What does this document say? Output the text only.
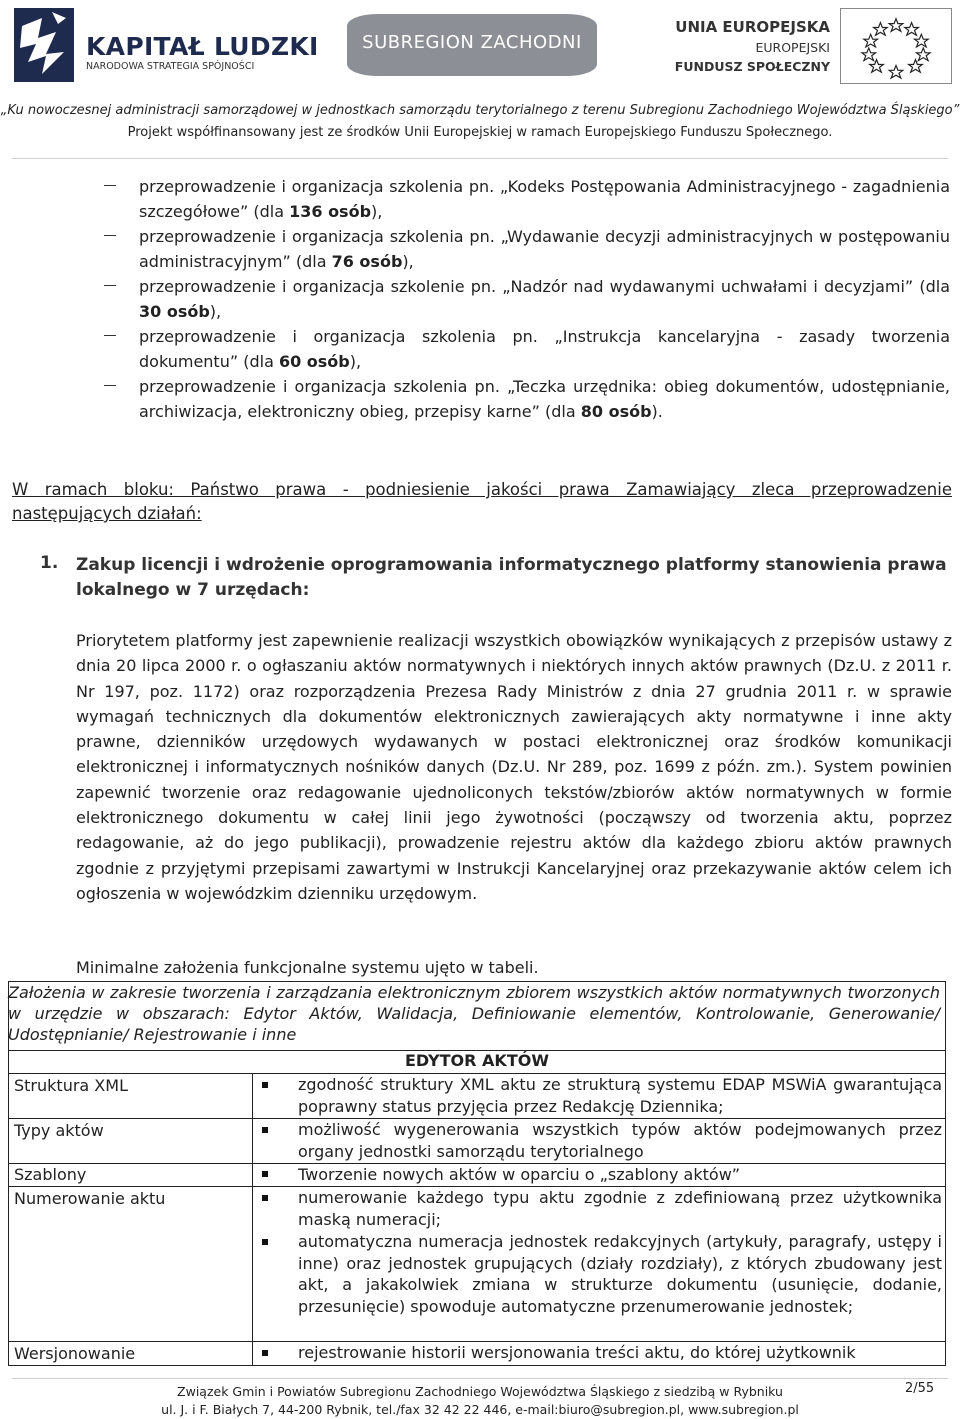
KAPITAŁ LUDZKI
NARODOWA STRATEGIA SPÓJNOŚCI
SUBREGION ZACHODNI
UNIA EUROPEJSKA
EUROPEJSKI
FUNDUSZ SPOŁECZNY
„Ku nowoczesnej administracji samorządowej w jednostkach samorządu terytorialnego z terenu Subregionu Zachodniego Województwa Śląskiego”
Projekt współfinansowany jest ze środków Unii Europejskiej w ramach Europejskiego Funduszu Społecznego.
przeprowadzenie i organizacja szkolenia pn. „Kodeks Postępowania Administracyjnego - zagadnienia szczegółowe” (dla 136 osób),
przeprowadzenie i organizacja szkolenia pn. „Wydawanie decyzji administracyjnych w postępowaniu administracyjnym” (dla 76 osób),
przeprowadzenie i organizacja szkolenie pn. „Nadzór nad wydawanymi uchwałami i decyzjami” (dla 30 osób),
przeprowadzenie i organizacja szkolenia pn. „Instrukcja kancelaryjna - zasady tworzenia dokumentu” (dla 60 osób),
przeprowadzenie i organizacja szkolenia pn. „Teczka urzędnika: obieg dokumentów, udostępnianie, archiwizacja, elektroniczny obieg, przepisy karne” (dla 80 osób).
W ramach bloku: Państwo prawa - podniesienie jakości prawa Zamawiający zleca przeprowadzenie następujących działań:
1. Zakup licencji i wdrożenie oprogramowania informatycznego platformy stanowienia prawa lokalnego w 7 urzędach:
Priorytetem platformy jest zapewnienie realizacji wszystkich obowiązków wynikających z przepisów ustawy z dnia 20 lipca 2000 r. o ogłaszaniu aktów normatywnych i niektórych innych aktów prawnych (Dz.U. z 2011 r. Nr 197, poz. 1172) oraz rozporządzenia Prezesa Rady Ministrów z dnia 27 grudnia 2011 r. w sprawie wymagań technicznych dla dokumentów elektronicznych zawierających akty normatywne i inne akty prawne, dzienników urzędowych wydawanych w postaci elektronicznej oraz środków komunikacji elektronicznej i informatycznych nośników danych (Dz.U. Nr 289, poz. 1699 z późn. zm.). System powinien zapewnić tworzenie oraz redagowanie ujednoliconych tekstów/zbiorów aktów normatywnych w formie elektronicznego dokumentu w całej linii jego żywotności (począwszy od tworzenia aktu, poprzez redagowanie, aż do jego publikacji), prowadzenie rejestru aktów dla każdego zbioru aktów prawnych zgodnie z przyjętymi przepisami zawartymi w Instrukcji Kancelaryjnej oraz przekazywanie aktów celem ich ogłoszenia w wojewódzkim dzienniku urzędowym.
Minimalne założenia funkcjonalne systemu ujęto w tabeli.
Założenia w zakresie tworzenia i zarządzania elektronicznym zbiorem wszystkich aktów normatywnych tworzonych w urzędzie w obszarach: Edytor Aktów, Walidacja, Definiowanie elementów, Kontrolowanie, Generowanie/ Udostępnianie/ Rejestrowanie i inne
EDYTOR AKTÓW
Struktura XML	zgodność struktury XML aktu ze strukturą systemu EDAP MSWiA gwarantująca poprawny status przyjęcia przez Redakcję Dziennika;
Typy aktów	możliwość wygenerowania wszystkich typów aktów podejmowanych przez organy jednostki samorządu terytorialnego
Szablony	Tworzenie nowych aktów w oparciu o „szablony aktów”
Numerowanie aktu	numerowanie każdego typu aktu zgodnie z zdefiniowaną przez użytkownika maską numeracji;
automatyczna numeracja jednostek redakcyjnych (artykuły, paragrafy, ustępy i inne) oraz jednostek grupujących (działy rozdziały), z których zbudowany jest akt, a jakakolwiek zmiana w strukturze dokumentu (usunięcie, dodanie, przesunięcie) spowoduje automatyczne przenumerowanie jednostek;
Wersjonowanie	rejestrowanie historii wersjonowania treści aktu, do której użytkownik
Związek Gmin i Powiatów Subregionu Zachodniego Województwa Śląskiego z siedzibą w Rybniku
ul. J. i F. Białych 7, 44-200 Rybnik, tel./fax 32 42 22 446, e-mail:biuro@subregion.pl, www.subregion.pl
2/55
